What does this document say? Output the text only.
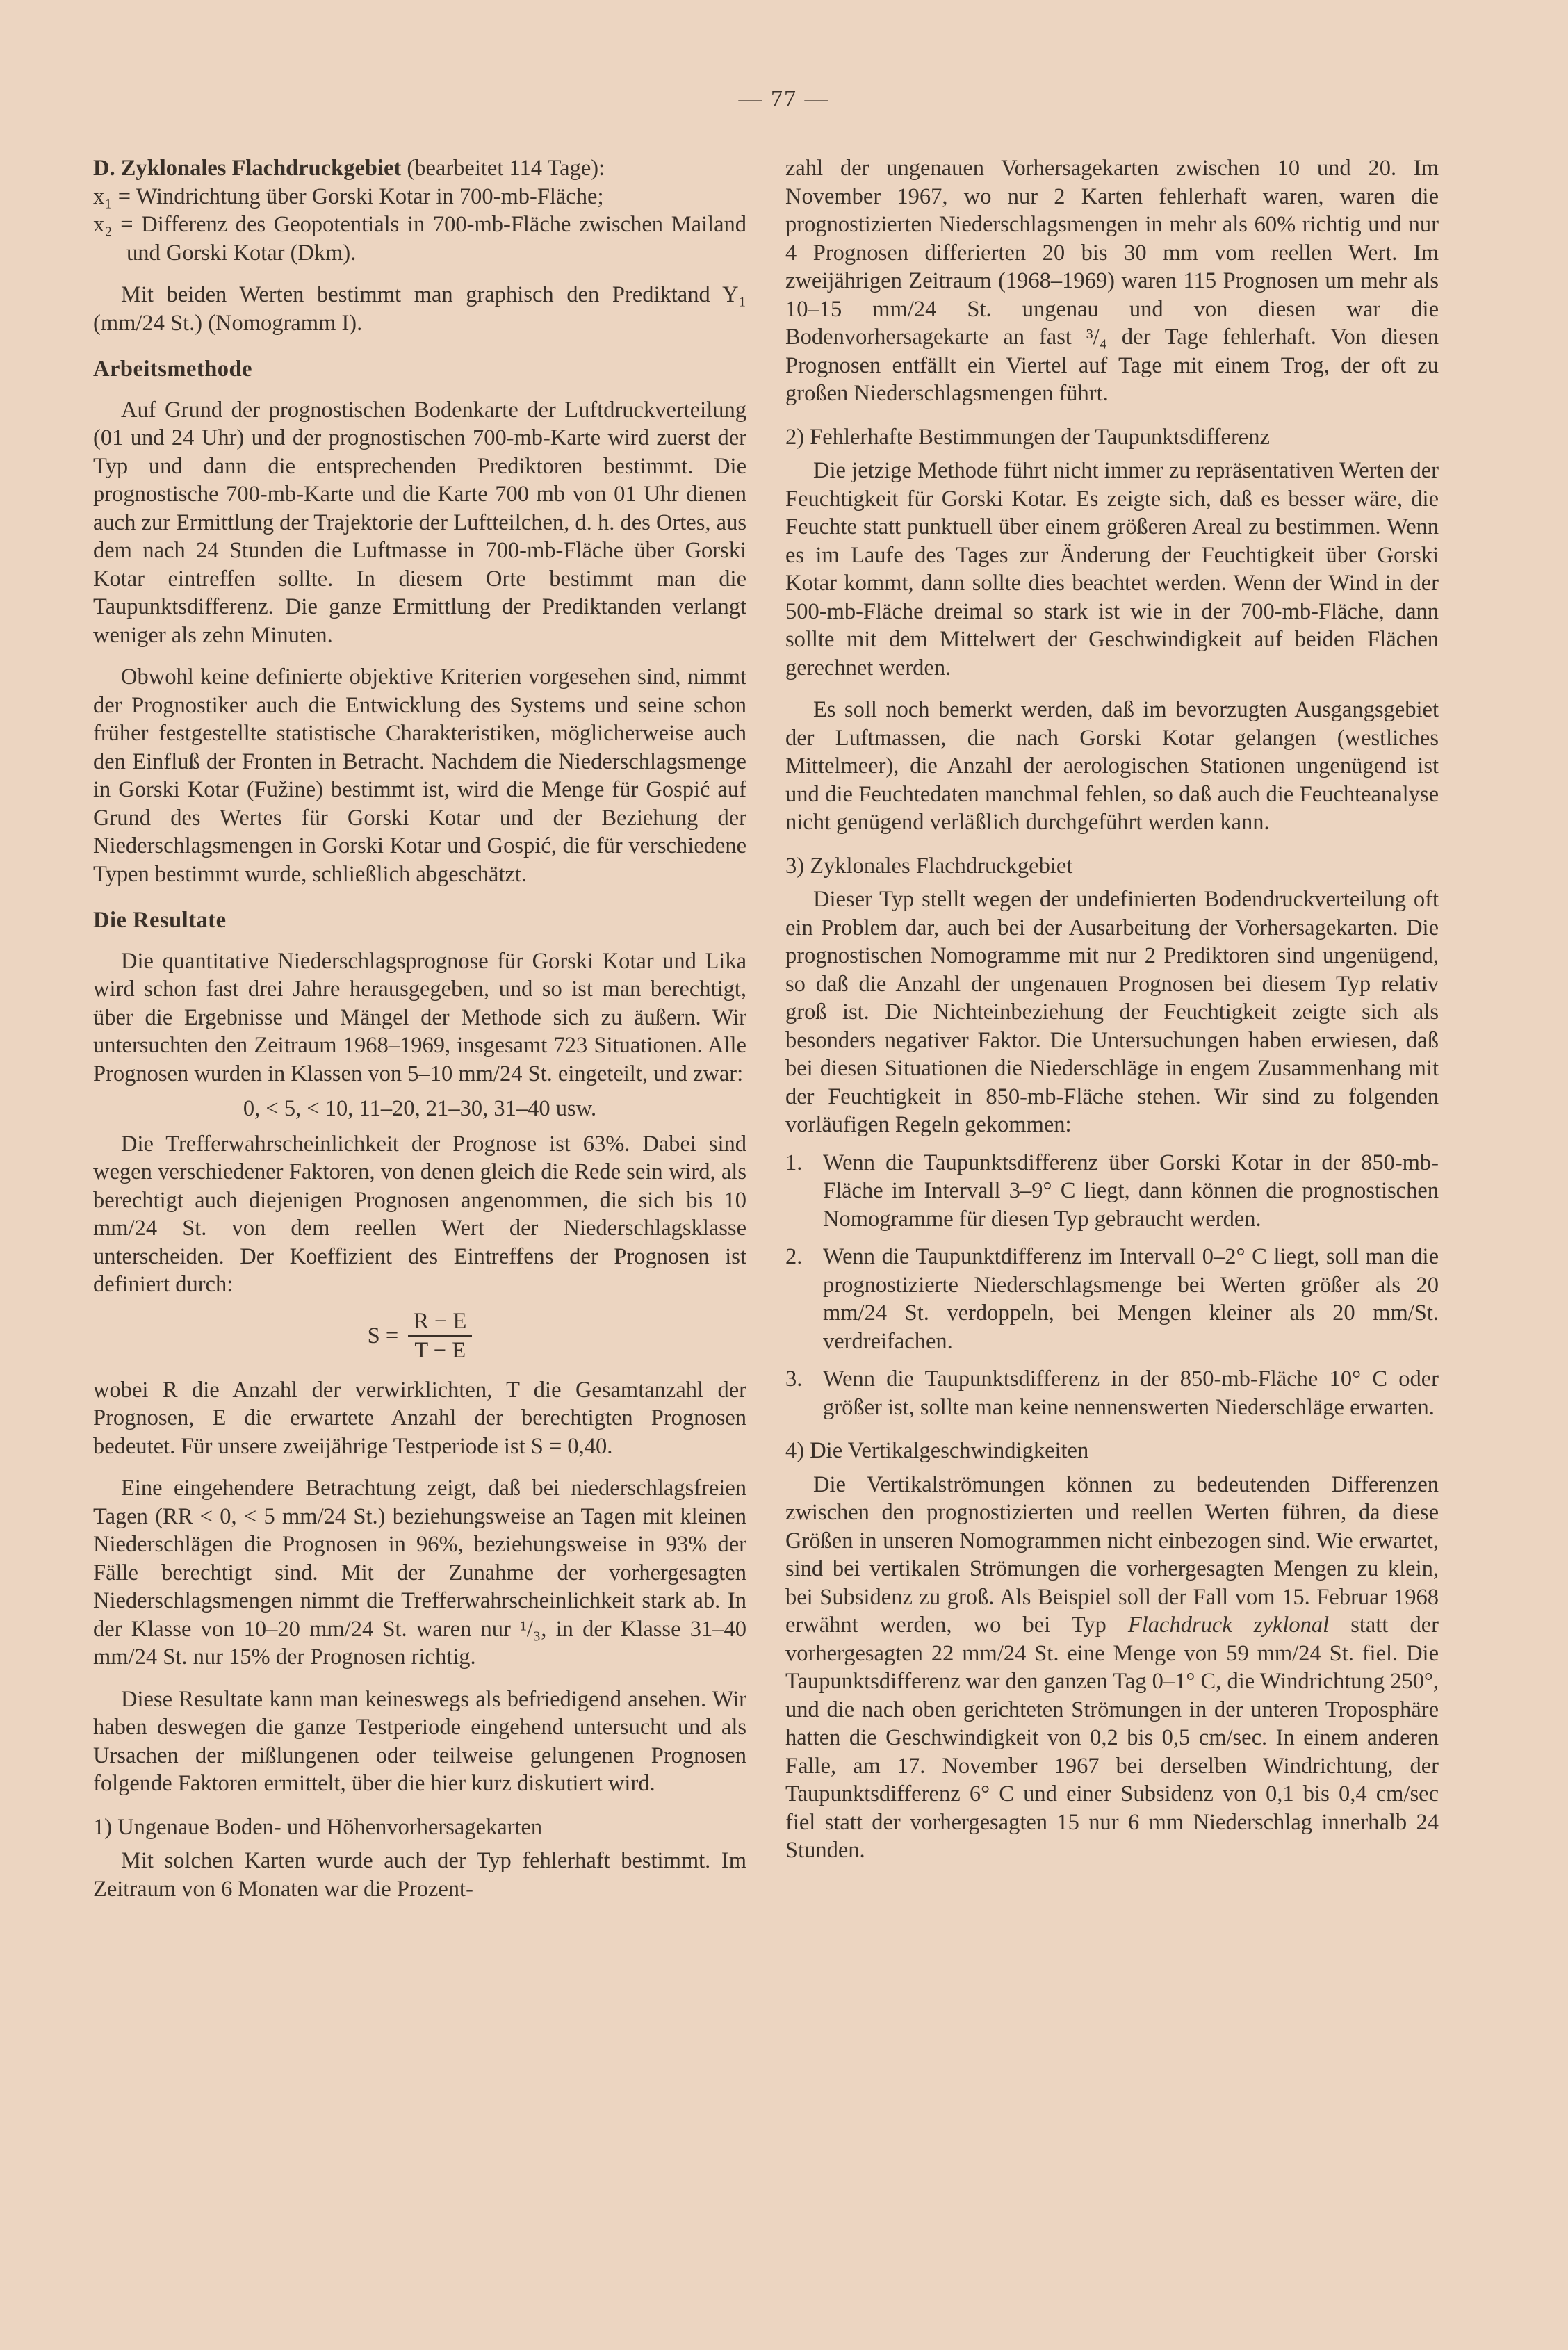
— 77 —
D. Zyklonales Flachdruckgebiet (bearbeitet 114 Tage):
x₁ = Windrichtung über Gorski Kotar in 700-mb-Fläche;
x₂ = Differenz des Geopotentials in 700-mb-Fläche zwischen Mailand und Gorski Kotar (Dkm).

Mit beiden Werten bestimmt man graphisch den Prediktand Y₁ (mm/24 St.) (Nomogramm I).

Arbeitsmethode

Auf Grund der prognostischen Bodenkarte der Luftdruckverteilung (01 und 24 Uhr) und der prognostischen 700-mb-Karte wird zuerst der Typ und dann die entsprechenden Prediktoren bestimmt. Die prognostische 700-mb-Karte und die Karte 700 mb von 01 Uhr dienen auch zur Ermittlung der Trajektorie der Luftteilchen, d. h. des Ortes, aus dem nach 24 Stunden die Luftmasse in 700-mb-Fläche über Gorski Kotar eintreffen sollte. In diesem Orte bestimmt man die Taupunktsdifferenz. Die ganze Ermittlung der Prediktanden verlangt weniger als zehn Minuten.

Obwohl keine definierte objektive Kriterien vorgesehen sind, nimmt der Prognostiker auch die Entwicklung des Systems und seine schon früher festgestellte statistische Charakteristiken, möglicherweise auch den Einfluß der Fronten in Betracht. Nachdem die Niederschlagsmenge in Gorski Kotar (Fužine) bestimmt ist, wird die Menge für Gospić auf Grund des Wertes für Gorski Kotar und der Beziehung der Niederschlagsmengen in Gorski Kotar und Gospić, die für verschiedene Typen bestimmt wurde, schließlich abgeschätzt.

Die Resultate

Die quantitative Niederschlagsprognose für Gorski Kotar und Lika wird schon fast drei Jahre herausgegeben, und so ist man berechtigt, über die Ergebnisse und Mängel der Methode sich zu äußern. Wir untersuchten den Zeitraum 1968–1969, insgesamt 723 Situationen. Alle Prognosen wurden in Klassen von 5–10 mm/24 St. eingeteilt, und zwar:

0, < 5, < 10, 11–20, 21–30, 31–40 usw.

Die Trefferwahrscheinlichkeit der Prognose ist 63%. Dabei sind wegen verschiedener Faktoren, von denen gleich die Rede sein wird, als berechtigt auch diejenigen Prognosen angenommen, die sich bis 10 mm/24 St. von dem reellen Wert der Niederschlagsklasse unterscheiden. Der Koeffizient des Eintreffens der Prognosen ist definiert durch:

$S = \frac{R - E}{T - E}$

wobei R die Anzahl der verwirklichten, T die Gesamtanzahl der Prognosen, E die erwartete Anzahl der berechtigten Prognosen bedeutet. Für unsere zweijährige Testperiode ist S = 0,40.

Eine eingehendere Betrachtung zeigt, daß bei niederschlagsfreien Tagen (RR < 0, < 5 mm/24 St.) beziehungsweise an Tagen mit kleinen Niederschlägen die Prognosen in 96%, beziehungsweise in 93% der Fälle berechtigt sind. Mit der Zunahme der vorhergesagten Niederschlagsmengen nimmt die Trefferwahrscheinlichkeit stark ab. In der Klasse von 10–20 mm/24 St. waren nur ¹/₃, in der Klasse 31–40 mm/24 St. nur 15% der Prognosen richtig.

Diese Resultate kann man keineswegs als befriedigend ansehen. Wir haben deswegen die ganze Testperiode eingehend untersucht und als Ursachen der mißlungenen oder teilweise gelungenen Prognosen folgende Faktoren ermittelt, über die hier kurz diskutiert wird.

1) Ungenaue Boden- und Höhenvorhersagekarten

Mit solchen Karten wurde auch der Typ fehlerhaft bestimmt. Im Zeitraum von 6 Monaten war die Prozent-

zahl der ungenauen Vorhersagekarten zwischen 10 und 20. Im November 1967, wo nur 2 Karten fehlerhaft waren, waren die prognostizierten Niederschlagsmengen in mehr als 60% richtig und nur 4 Prognosen differierten 20 bis 30 mm vom reellen Wert. Im zweijährigen Zeitraum (1968–1969) waren 115 Prognosen um mehr als 10–15 mm/24 St. ungenau und von diesen war die Bodenvorhersagekarte an fast ³/₄ der Tage fehlerhaft. Von diesen Prognosen entfällt ein Viertel auf Tage mit einem Trog, der oft zu großen Niederschlagsmengen führt.

2) Fehlerhafte Bestimmungen der Taupunktsdifferenz

Die jetzige Methode führt nicht immer zu repräsentativen Werten der Feuchtigkeit für Gorski Kotar. Es zeigte sich, daß es besser wäre, die Feuchte statt punktuell über einem größeren Areal zu bestimmen. Wenn es im Laufe des Tages zur Änderung der Feuchtigkeit über Gorski Kotar kommt, dann sollte dies beachtet werden. Wenn der Wind in der 500-mb-Fläche dreimal so stark ist wie in der 700-mb-Fläche, dann sollte mit dem Mittelwert der Geschwindigkeit auf beiden Flächen gerechnet werden.

Es soll noch bemerkt werden, daß im bevorzugten Ausgangsgebiet der Luftmassen, die nach Gorski Kotar gelangen (westliches Mittelmeer), die Anzahl der aerologischen Stationen ungenügend ist und die Feuchtedaten manchmal fehlen, so daß auch die Feuchteanalyse nicht genügend verläßlich durchgeführt werden kann.

3) Zyklonales Flachdruckgebiet

Dieser Typ stellt wegen der undefinierten Bodendruckverteilung oft ein Problem dar, auch bei der Ausarbeitung der Vorhersagekarten. Die prognostischen Nomogramme mit nur 2 Prediktoren sind ungenügend, so daß die Anzahl der ungenauen Prognosen bei diesem Typ relativ groß ist. Die Nichteinbeziehung der Feuchtigkeit zeigte sich als besonders negativer Faktor. Die Untersuchungen haben erwiesen, daß bei diesen Situationen die Niederschläge in engem Zusammenhang mit der Feuchtigkeit in 850-mb-Fläche stehen. Wir sind zu folgenden vorläufigen Regeln gekommen:

1. Wenn die Taupunktsdifferenz über Gorski Kotar in der 850-mb-Fläche im Intervall 3–9° C liegt, dann können die prognostischen Nomogramme für diesen Typ gebraucht werden.

2. Wenn die Taupunktdifferenz im Intervall 0–2° C liegt, soll man die prognostizierte Niederschlagsmenge bei Werten größer als 20 mm/24 St. verdoppeln, bei Mengen kleiner als 20 mm/St. verdreifachen.

3. Wenn die Taupunktsdifferenz in der 850-mb-Fläche 10° C oder größer ist, sollte man keine nennenswerten Niederschläge erwarten.

4) Die Vertikalgeschwindigkeiten

Die Vertikalströmungen können zu bedeutenden Differenzen zwischen den prognostizierten und reellen Werten führen, da diese Größen in unseren Nomogrammen nicht einbezogen sind. Wie erwartet, sind bei vertikalen Strömungen die vorhergesagten Mengen zu klein, bei Subsidenz zu groß. Als Beispiel soll der Fall vom 15. Februar 1968 erwähnt werden, wo bei Typ Flachdruck zyklonal statt der vorhergesagten 22 mm/24 St. eine Menge von 59 mm/24 St. fiel. Die Taupunktsdifferenz war den ganzen Tag 0–1° C, die Windrichtung 250°, und die nach oben gerichteten Strömungen in der unteren Troposphäre hatten die Geschwindigkeit von 0,2 bis 0,5 cm/sec. In einem anderen Falle, am 17. November 1967 bei derselben Windrichtung, der Taupunktsdifferenz 6° C und einer Subsidenz von 0,1 bis 0,4 cm/sec fiel statt der vorhergesagten 15 nur 6 mm Niederschlag innerhalb 24 Stunden.
